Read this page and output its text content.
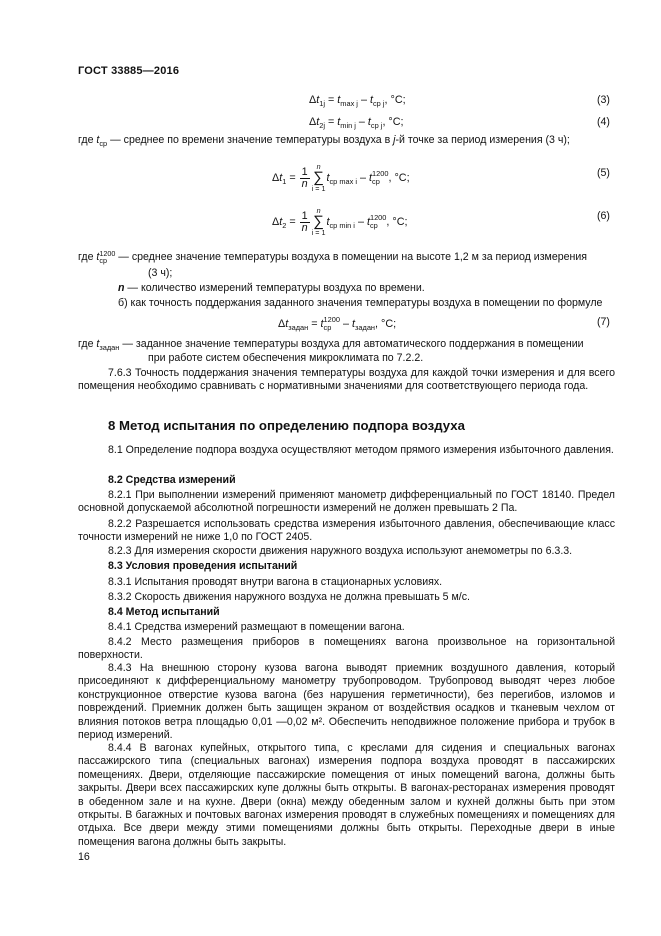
ГОСТ 33885—2016
$\Delta t_{1j} = t_{max j} - t_{cp j}$, °C;	(3)
$\Delta t_{2j} = t_{min j} - t_{cp j}$, °C;	(4)
где $t_{cp}$ — среднее по времени значение температуры воздуха в j-й точке за период измерения (3 ч);
$\Delta t_1 = \frac{1}{n}$ n
∑
i = 1
$t_{cp max i}$ – t 1200
cp , °C;	(5)
$\Delta t_2 = \frac{1}{n}$ n
∑
i = 1
$t_{cp min i}$ – t 1200
cp , °C;	(6)
где t 1200
cp — среднее значение температуры воздуха в помещении на высоте 1,2 м за период измерения
(3 ч);
n — количество измерений температуры воздуха по времени.
б) как точность поддержания заданного значения температуры воздуха в помещении по формуле
$\Delta t_{задан} = t$ 1200
cp	– $t_{задан}$, °C;	(7)
где $t_{задан}$ — заданное значение температуры воздуха для автоматического поддержания в помещении
при работе систем обеспечения микроклимата по 7.2.2.
7.6.3 Точность поддержания значения температуры воздуха для каждой точки измерения и для всего помещения необходимо сравнивать с нормативными значениями для соответствующего периода года.
8 Метод испытания по определению подпора воздуха
8.1 Определение подпора воздуха осуществляют методом прямого измерения избыточного давления.
8.2 Средства измерений
8.2.1 При выполнении измерений применяют манометр дифференциальный по ГОСТ 18140. Предел основной допускаемой абсолютной погрешности измерений не должен превышать 2 Па.
8.2.2 Разрешается использовать средства измерения избыточного давления, обеспечивающие класс точности измерений не ниже 1,0 по ГОСТ 2405.
8.2.3 Для измерения скорости движения наружного воздуха используют анемометры по 6.3.3.
8.3 Условия проведения испытаний
8.3.1 Испытания проводят внутри вагона в стационарных условиях.
8.3.2 Скорость движения наружного воздуха не должна превышать 5 м/с.
8.4 Метод испытаний
8.4.1 Средства измерений размещают в помещении вагона.
8.4.2 Место размещения приборов в помещениях вагона произвольное на горизонтальной поверхности.
8.4.3 На внешнюю сторону кузова вагона выводят приемник воздушного давления, который присоединяют к дифференциальному манометру трубопроводом. Трубопровод выводят через любое конструкционное отверстие кузова вагона (без нарушения герметичности), без перегибов, изломов и повреждений. Приемник должен быть защищен экраном от воздействия осадков и тканевым чехлом от влияния потоков ветра площадью 0,01 —0,02 м². Обеспечить неподвижное положение прибора и трубок в период измерений.
8.4.4 В вагонах купейных, открытого типа, с креслами для сидения и специальных вагонах пассажирского типа (специальных вагонах) измерения подпора воздуха проводят в пассажирских помещениях. Двери, отделяющие пассажирские помещения от иных помещений вагона, должны быть закрыты. Двери всех пассажирских купе должны быть открыты. В вагонах-ресторанах измерения проводят в обеденном зале и на кухне. Двери (окна) между обеденным залом и кухней должны быть при этом открыты. В багажных и почтовых вагонах измерения проводят в служебных помещениях и помещениях для отдыха. Все двери между этими помещениями должны быть открыты. Переходные двери в иные помещения вагона должны быть закрыты.
16
